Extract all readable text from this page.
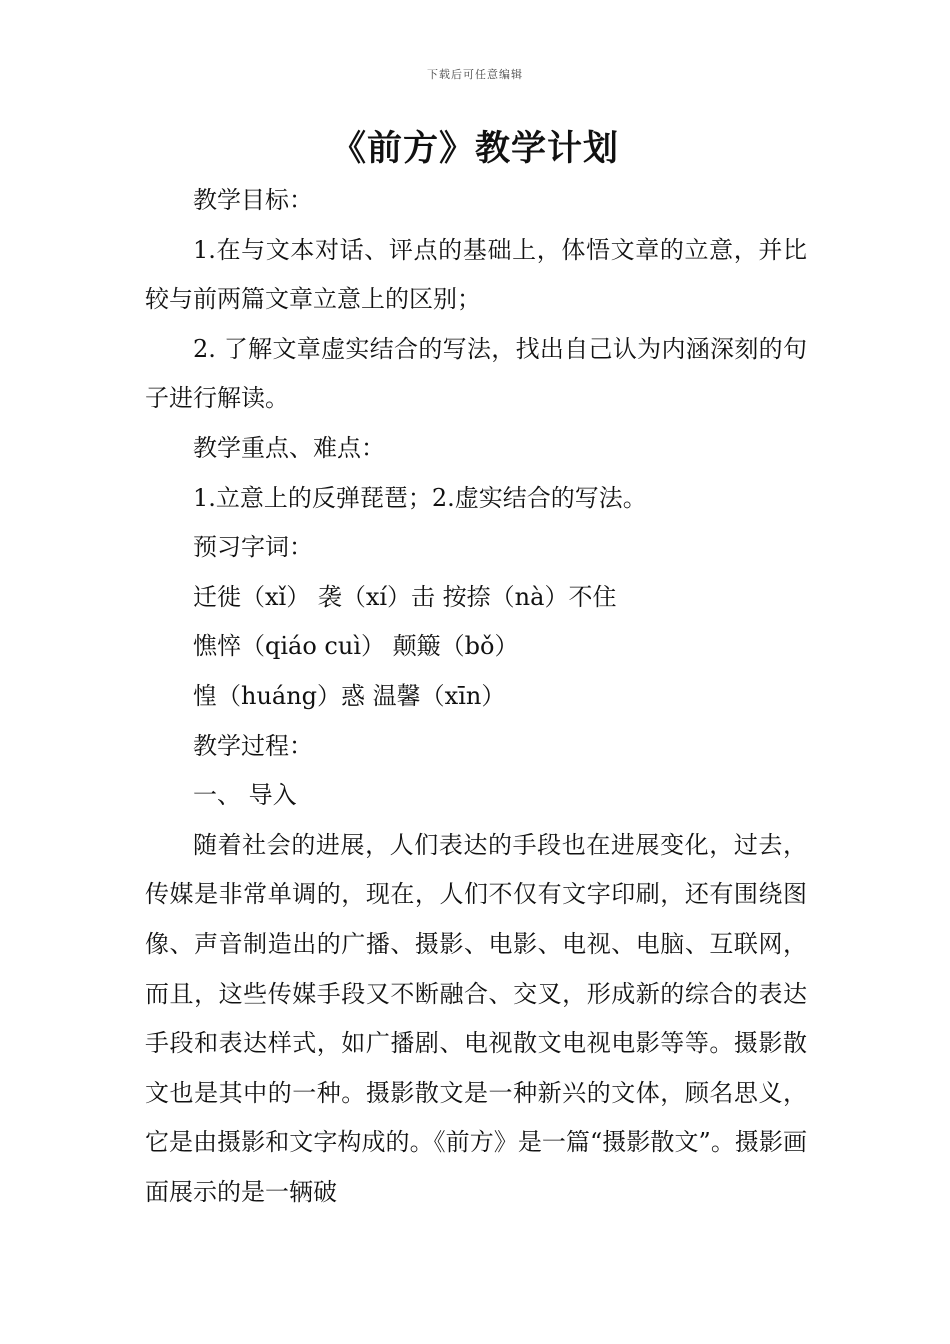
下载后可任意编辑
《前方》教学计划

教学目标：

1.在与文本对话、评点的基础上，体悟文章的立意，并比较与前两篇文章立意上的区别；

2. 了解文章虚实结合的写法，找出自己认为内涵深刻的句子进行解读。

教学重点、难点：

1.立意上的反弹琵琶；2.虚实结合的写法。

预习字词：

迁徙（xǐ） 袭（xí）击 按捺（nà）不住

憔悴（qiáo cuì） 颠簸（bǒ）

惶（huáng）惑 温馨（xīn）

教学过程：

一、 导入

随着社会的进展，人们表达的手段也在进展变化，过去，传媒是非常单调的，现在，人们不仅有文字印刷，还有围绕图像、声音制造出的广播、摄影、电影、电视、电脑、互联网，而且，这些传媒手段又不断融合、交叉，形成新的综合的表达手段和表达样式，如广播剧、电视散文电视电影等等。摄影散文也是其中的一种。摄影散文是一种新兴的文体，顾名思义，它是由摄影和文字构成的。《前方》是一篇“摄影散文”。摄影画面展示的是一辆破
